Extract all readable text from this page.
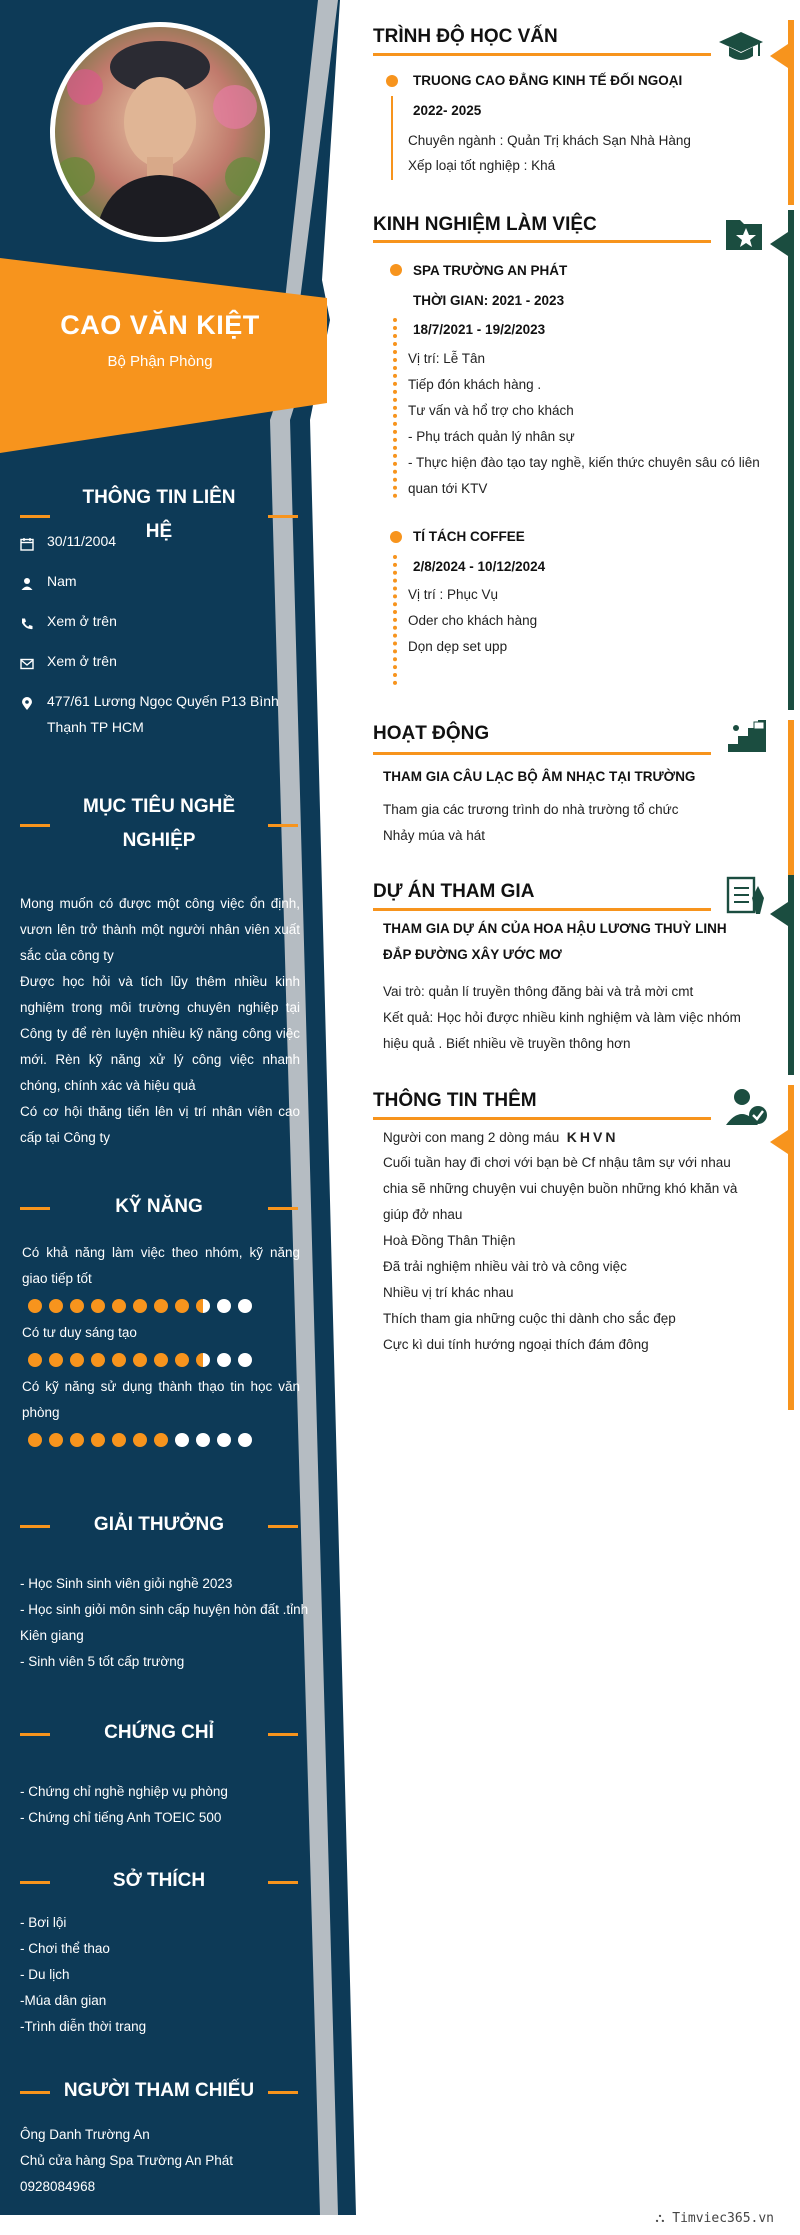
CAO VĂN KIỆT
Bộ Phận Phòng
THÔNG TIN LIÊN HỆ
30/11/2004
Nam
Xem ở trên
Xem ở trên
477/61 Lương Ngọc Quyến P13 Bình Thạnh TP HCM
MỤC TIÊU NGHỀ NGHIỆP
Mong muốn có được một công việc ổn định, vươn lên trở thành một người nhân viên xuất sắc của công ty
Được học hỏi và tích lũy thêm nhiều kinh nghiệm trong môi trường chuyên nghiệp tại Công ty để rèn luyện nhiều kỹ năng công việc mới. Rèn kỹ năng xử lý công việc nhanh chóng, chính xác và hiệu quả
Có cơ hội thăng tiến lên vị trí nhân viên cao cấp tại Công ty
KỸ NĂNG
Có khả năng làm việc theo nhóm, kỹ năng giao tiếp tốt
Có tư duy sáng tạo
Có kỹ năng sử dụng thành thạo tin học văn phòng
GIẢI THƯỞNG
- Học Sinh sinh viên giỏi nghề 2023
- Học sinh giỏi môn sinh cấp huyện hòn đất .tỉnh Kiên giang
- Sinh viên 5 tốt cấp trường
CHỨNG CHỈ
- Chứng chỉ nghề nghiệp vụ phòng
- Chứng chỉ tiếng Anh TOEIC 500
SỞ THÍCH
- Bơi lội
- Chơi thể thao
- Du lịch
-Múa dân gian
-Trình diễn thời trang
NGƯỜI THAM CHIẾU
Ông Danh Trường An
Chủ cửa hàng Spa Trường An Phát
0928084968
TRÌNH ĐỘ HỌC VẤN
TRUONG CAO ĐẲNG KINH TẾ ĐỐI NGOẠI
2022- 2025
Chuyên ngành : Quản Trị khách Sạn Nhà Hàng
Xếp loại tốt nghiệp : Khá
KINH NGHIỆM LÀM VIỆC
SPA TRƯỜNG AN PHÁT
THỜI GIAN: 2021 - 2023
18/7/2021 - 19/2/2023
Vị trí: Lễ Tân
Tiếp đón khách hàng .
Tư vấn và hổ trợ cho khách
- Phụ trách quản lý nhân sự
- Thực hiện đào tạo tay nghề, kiến thức chuyên sâu có liên quan tới KTV
TÍ TÁCH COFFEE
2/8/2024 - 10/12/2024
Vị trí : Phục Vụ
Oder cho khách hàng
Dọn dẹp set upp
HOẠT ĐỘNG
THAM GIA CÂU LẠC BỘ ÂM NHẠC TẠI TRƯỜNG
Tham gia các trương trình do nhà trường tổ chức
Nhảy múa và hát
DỰ ÁN THAM GIA
THAM GIA DỰ ÁN CỦA HOA HẬU LƯƠNG THUỲ LINH ĐẮP ĐƯỜNG XÂY ƯỚC MƠ
Vai trò: quản lí truyền thông đăng bài và trả mời cmt
Kết quả: Học hỏi được nhiều kinh nghiệm và làm việc nhóm hiệu quả . Biết nhiều về truyền thông hơn
THÔNG TIN THÊM
Người con mang 2 dòng máu KHVN
Cuối tuần hay đi chơi với bạn bè Cf nhậu tâm sự với nhau chia sẽ những chuyện vui chuyện buồn những khó khăn và giúp đở nhau
Hoà Đồng Thân Thiện
Đã trải nghiệm nhiều vài trò và công việc
Nhiều vị trí khác nhau
Thích tham gia những cuộc thi dành cho sắc đẹp
Cực kì dui tính hướng ngoại thích đám đông
⛬ Timviec365.vn
